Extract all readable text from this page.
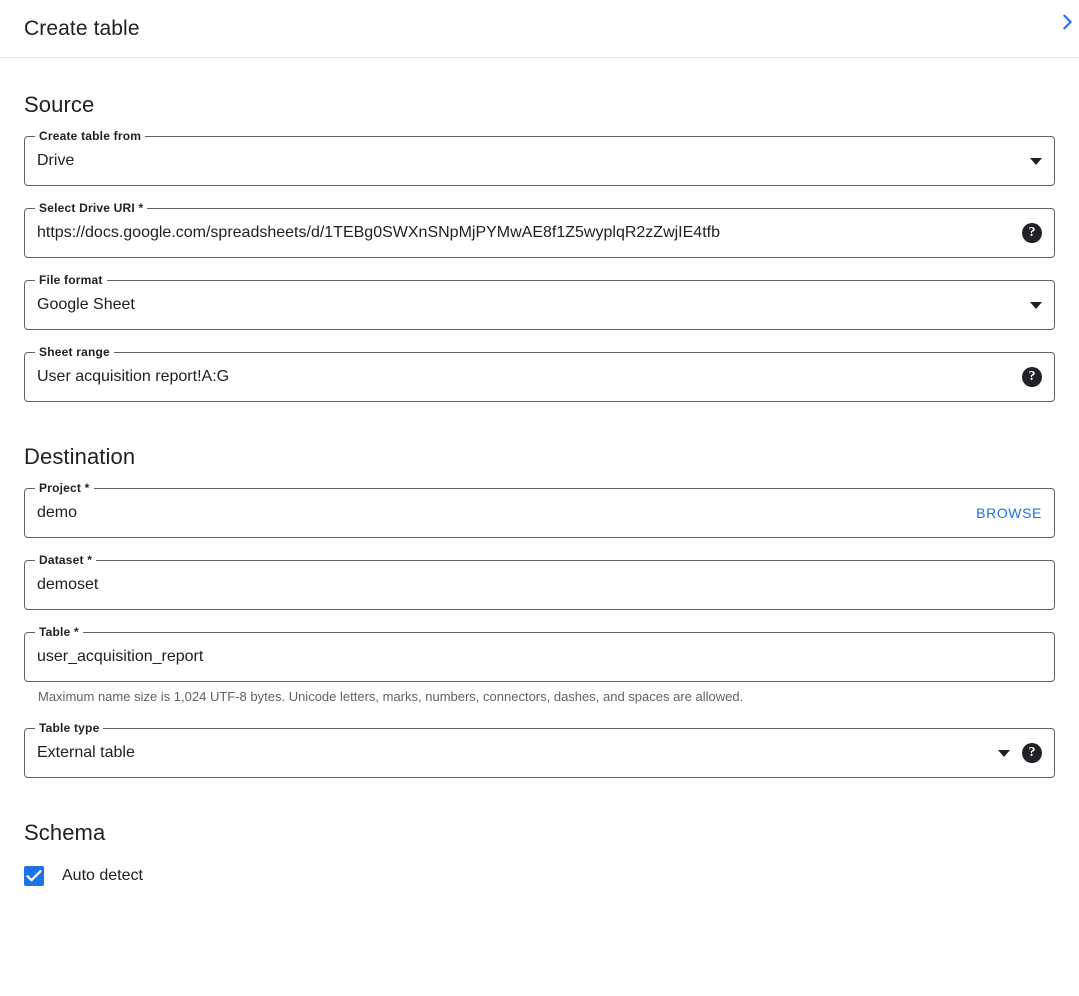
Create table
Source
Create table from
Drive
Select Drive URI *
https://docs.google.com/spreadsheets/d/1TEBg0SWXnSNpMjPYMwAE8f1Z5wyplqR2zZwjIE4tfb	?
File format
Google Sheet
Sheet range
User acquisition report!A:G	?
Destination
Project *
demo	BROWSE
Dataset *
demoset
Table *
user_acquisition_report
Maximum name size is 1,024 UTF-8 bytes. Unicode letters, marks, numbers, connectors, dashes, and spaces are allowed.
Table type
External table	?
Schema
Auto detect
